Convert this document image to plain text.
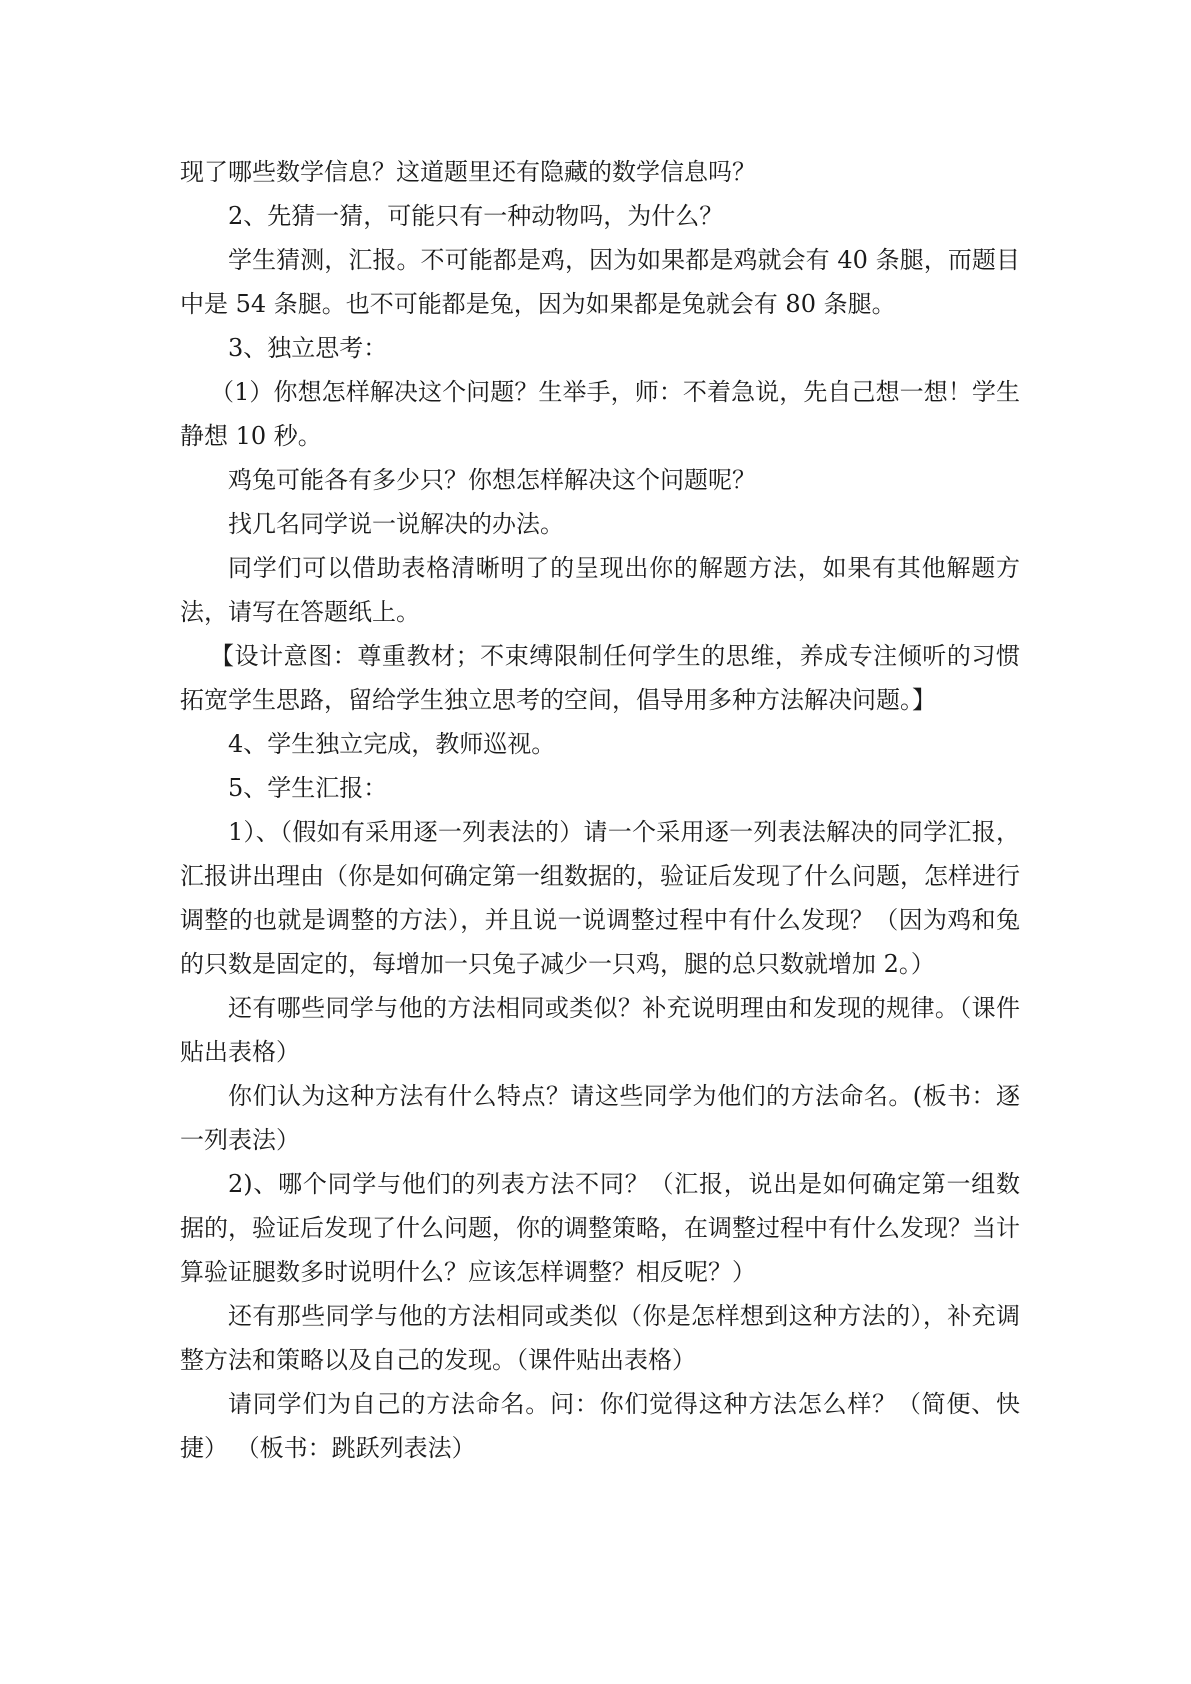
现了哪些数学信息？这道题里还有隐藏的数学信息吗？

2、先猜一猜，可能只有一种动物吗，为什么？

学生猜测，汇报。不可能都是鸡，因为如果都是鸡就会有 40 条腿，而题目中是 54 条腿。也不可能都是兔，因为如果都是兔就会有 80 条腿。

3、独立思考：

（1）你想怎样解决这个问题？生举手，师：不着急说，先自己想一想！学生静想 10 秒。

鸡兔可能各有多少只？你想怎样解决这个问题呢？

找几名同学说一说解决的办法。

同学们可以借助表格清晰明了的呈现出你的解题方法，如果有其他解题方法，请写在答题纸上。

【设计意图：尊重教材；不束缚限制任何学生的思维，养成专注倾听的习惯拓宽学生思路，留给学生独立思考的空间，倡导用多种方法解决问题。】

4、学生独立完成，教师巡视。

5、学生汇报：

1）、（假如有采用逐一列表法的）请一个采用逐一列表法解决的同学汇报，汇报讲出理由（你是如何确定第一组数据的，验证后发现了什么问题，怎样进行调整的也就是调整的方法），并且说一说调整过程中有什么发现？（因为鸡和兔的只数是固定的，每增加一只兔子减少一只鸡，腿的总只数就增加 2。）

还有哪些同学与他的方法相同或类似？补充说明理由和发现的规律。（课件贴出表格）

你们认为这种方法有什么特点？请这些同学为他们的方法命名。(板书：逐一列表法）

2)、哪个同学与他们的列表方法不同？（汇报，说出是如何确定第一组数据的，验证后发现了什么问题，你的调整策略，在调整过程中有什么发现？当计算验证腿数多时说明什么？应该怎样调整？相反呢？）

还有那些同学与他的方法相同或类似（你是怎样想到这种方法的），补充调整方法和策略以及自己的发现。（课件贴出表格）

请同学们为自己的方法命名。问：你们觉得这种方法怎么样？（简便、快捷） （板书：跳跃列表法）
